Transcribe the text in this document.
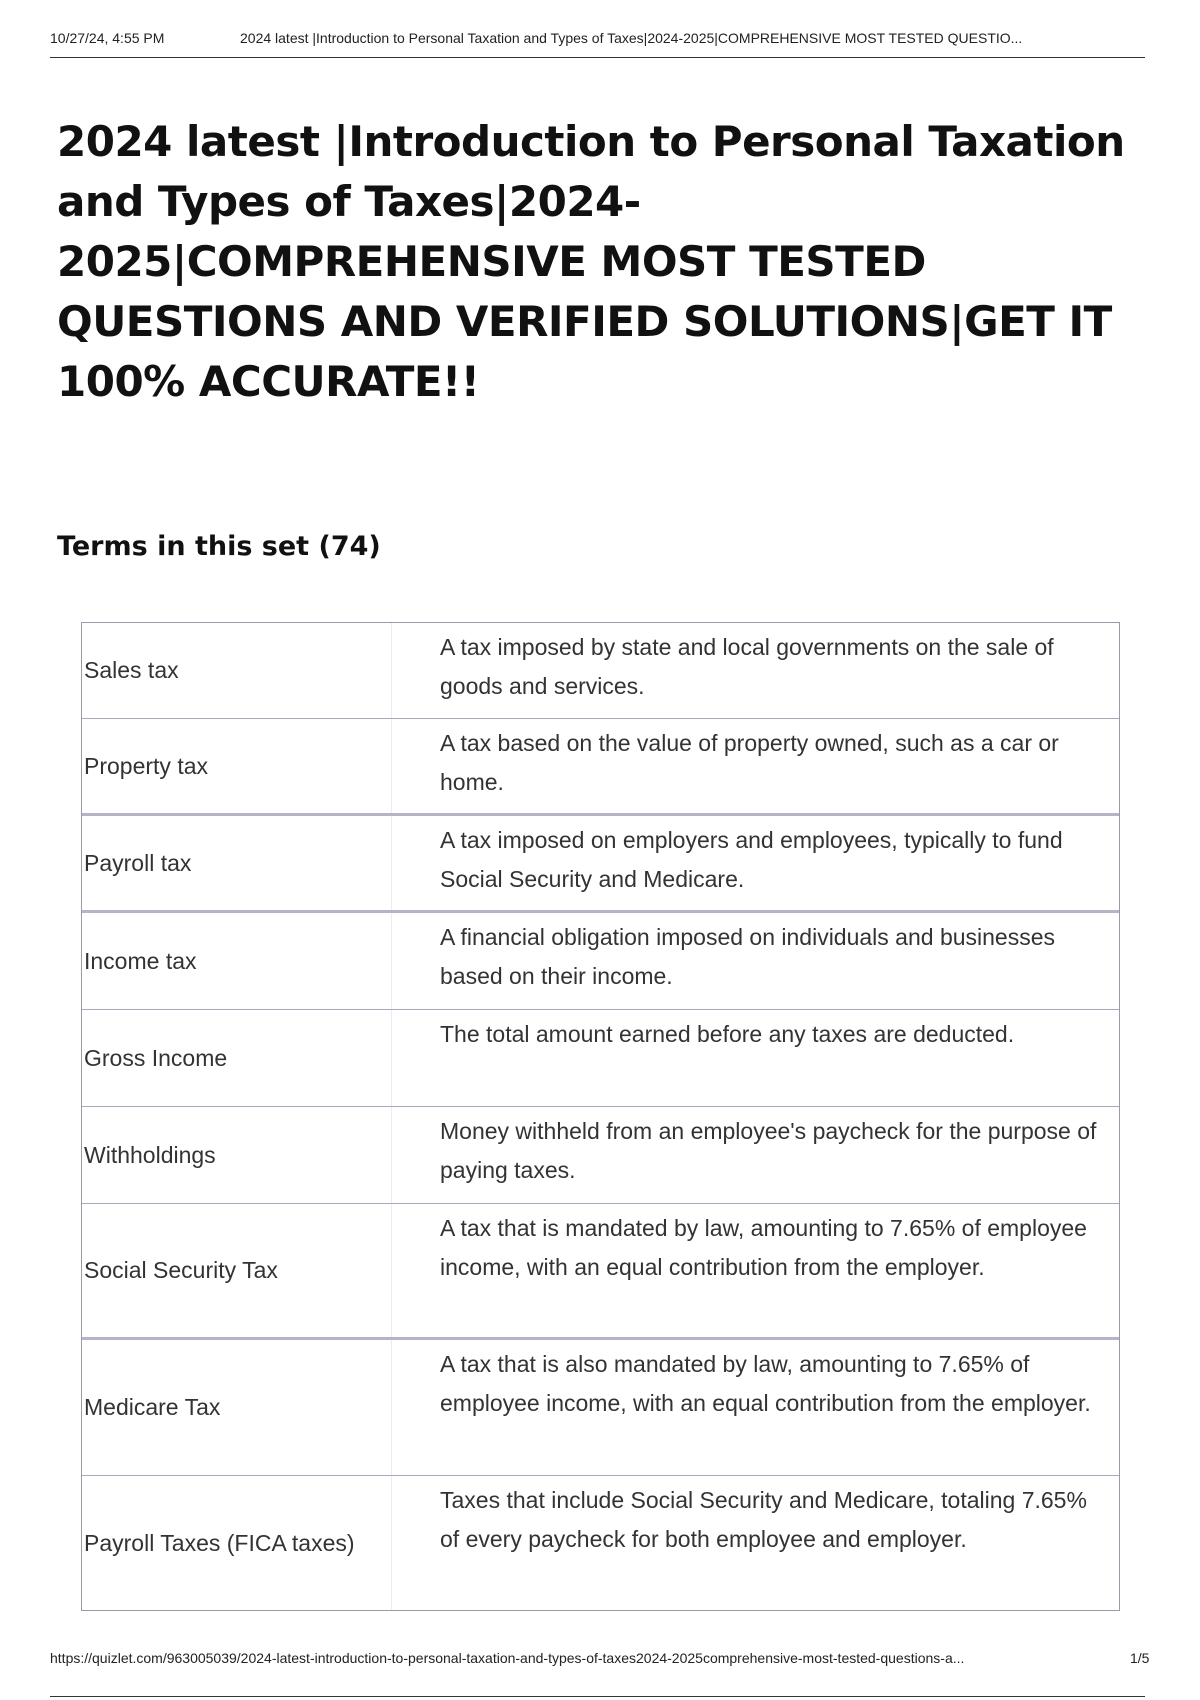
10/27/24, 4:55 PM	2024 latest |Introduction to Personal Taxation and Types of Taxes|2024-2025|COMPREHENSIVE MOST TESTED QUESTIO...
2024 latest |Introduction to Personal Taxation and Types of Taxes|2024-2025|COMPREHENSIVE MOST TESTED QUESTIONS AND VERIFIED SOLUTIONS|GET IT 100% ACCURATE!!
Terms in this set (74)
Sales tax
A tax imposed by state and local governments on the sale of goods and services.
Property tax
A tax based on the value of property owned, such as a car or home.
Payroll tax
A tax imposed on employers and employees, typically to fund Social Security and Medicare.
Income tax
A financial obligation imposed on individuals and businesses based on their income.
Gross Income
The total amount earned before any taxes are deducted.
Withholdings
Money withheld from an employee's paycheck for the purpose of paying taxes.
Social Security Tax
A tax that is mandated by law, amounting to 7.65% of employee income, with an equal contribution from the employer.
Medicare Tax
A tax that is also mandated by law, amounting to 7.65% of employee income, with an equal contribution from the employer.
Payroll Taxes (FICA taxes)
Taxes that include Social Security and Medicare, totaling 7.65% of every paycheck for both employee and employer.
https://quizlet.com/963005039/2024-latest-introduction-to-personal-taxation-and-types-of-taxes2024-2025comprehensive-most-tested-questions-a...	1/5
